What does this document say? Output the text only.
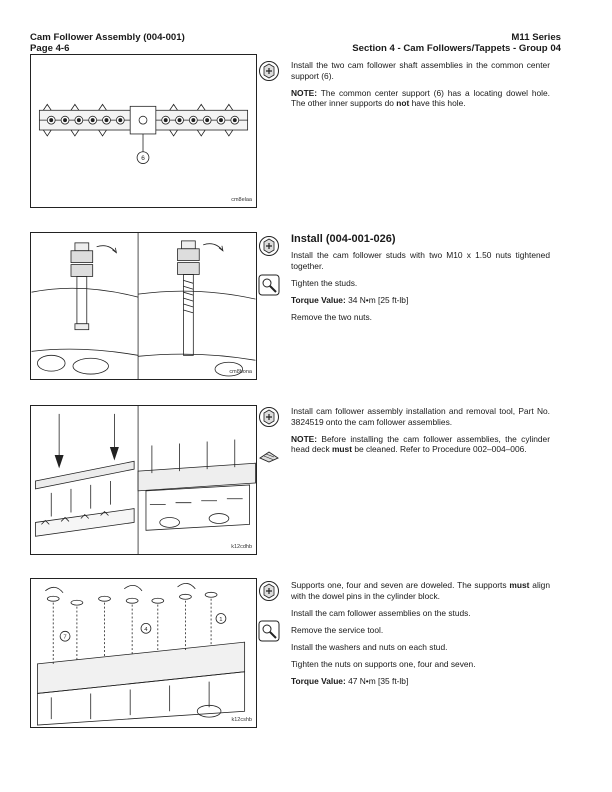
Cam Follower Assembly (004-001)
Page 4-6
M11 Series
Section 4 - Cam Followers/Tappets - Group 04
6
cm8elaa

Install the two cam follower shaft assemblies in the common center support (6).

NOTE: The common center support (6) has a locating dowel hole. The other inner supports do not have this hole.

cm8bona
Install (004-001-026)

Install the cam follower studs with two M10 x 1.50 nuts tightened together.

Tighten the studs.

Torque Value: 34 N•m [25 ft-lb]

Remove the two nuts.

k12cdhb

Install cam follower assembly installation and removal tool, Part No. 3824519 onto the cam follower assemblies.

NOTE: Before installing the cam follower assemblies, the cylinder head deck must be cleaned. Refer to Procedure 002–004–006.

7
4
1
k12cshb

Supports one, four and seven are doweled. The supports must align with the dowel pins in the cylinder block.

Install the cam follower assemblies on the studs.

Remove the service tool.

Install the washers and nuts on each stud.

Tighten the nuts on supports one, four and seven.

Torque Value: 47 N•m [35 ft-lb]
